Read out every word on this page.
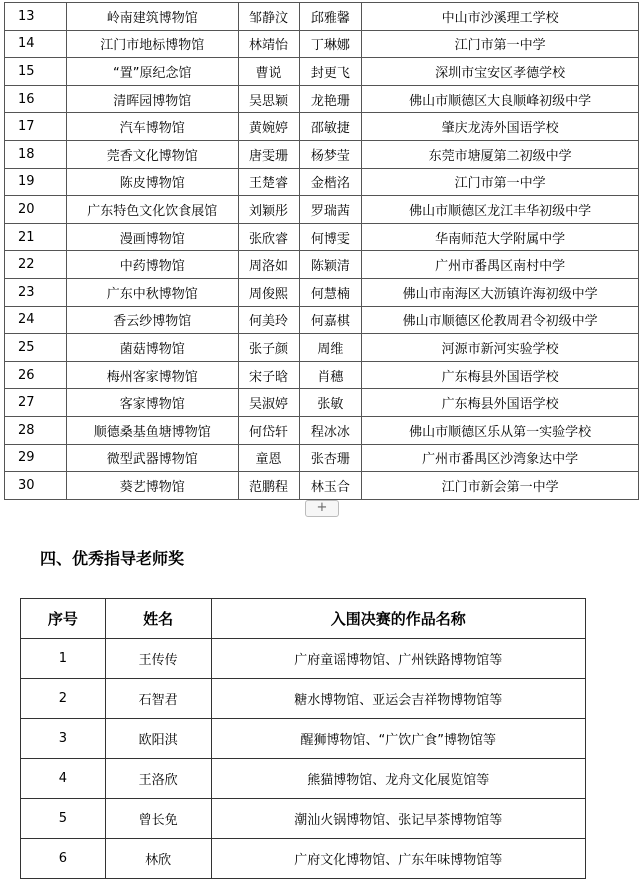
13	岭南建筑博物馆	邹静汶	邱雅馨	中山市沙溪理工学校
14	江门市地标博物馆	林靖怡	丁琳娜	江门市第一中学
15	“置”原纪念馆	曹说	封更飞	深圳市宝安区孝德学校
16	清晖园博物馆	吴思颖	龙艳珊	佛山市顺德区大良顺峰初级中学
17	汽车博物馆	黄婉婷	邵敏捷	肇庆龙涛外国语学校
18	莞香文化博物馆	唐雯珊	杨梦莹	东莞市塘厦第二初级中学
19	陈皮博物馆	王楚睿	金楷洺	江门市第一中学
20	广东特色文化饮食展馆	刘颖彤	罗瑞茜	佛山市顺德区龙江丰华初级中学
21	漫画博物馆	张欣睿	何博雯	华南师范大学附属中学
22	中药博物馆	周洛如	陈颖清	广州市番禺区南村中学
23	广东中秋博物馆	周俊熙	何慧楠	佛山市南海区大沥镇许海初级中学
24	香云纱博物馆	何美玲	何嘉棋	佛山市顺德区伦教周君令初级中学
25	菌菇博物馆	张子颜	周维	河源市新河实验学校
26	梅州客家博物馆	宋子晗	肖穗	广东梅县外国语学校
27	客家博物馆	吴淑婷	张敏	广东梅县外国语学校
28	顺德桑基鱼塘博物馆	何岱轩	程冰冰	佛山市顺德区乐从第一实验学校
29	微型武器博物馆	童恩	张杏珊	广州市番禺区沙湾象达中学
30	葵艺博物馆	范鹏程	林玉合	江门市新会第一中学
+
四、优秀指导老师奖
序号	姓名	入围决赛的作品名称
1	王传传	广府童谣博物馆、广州铁路博物馆等
2	石智君	糖水博物馆、亚运会吉祥物博物馆等
3	欧阳淇	醒狮博物馆、“广饮广食”博物馆等
4	王洛欣	熊猫博物馆、龙舟文化展览馆等
5	曾长免	潮汕火锅博物馆、张记早茶博物馆等
6	林欣	广府文化博物馆、广东年味博物馆等
